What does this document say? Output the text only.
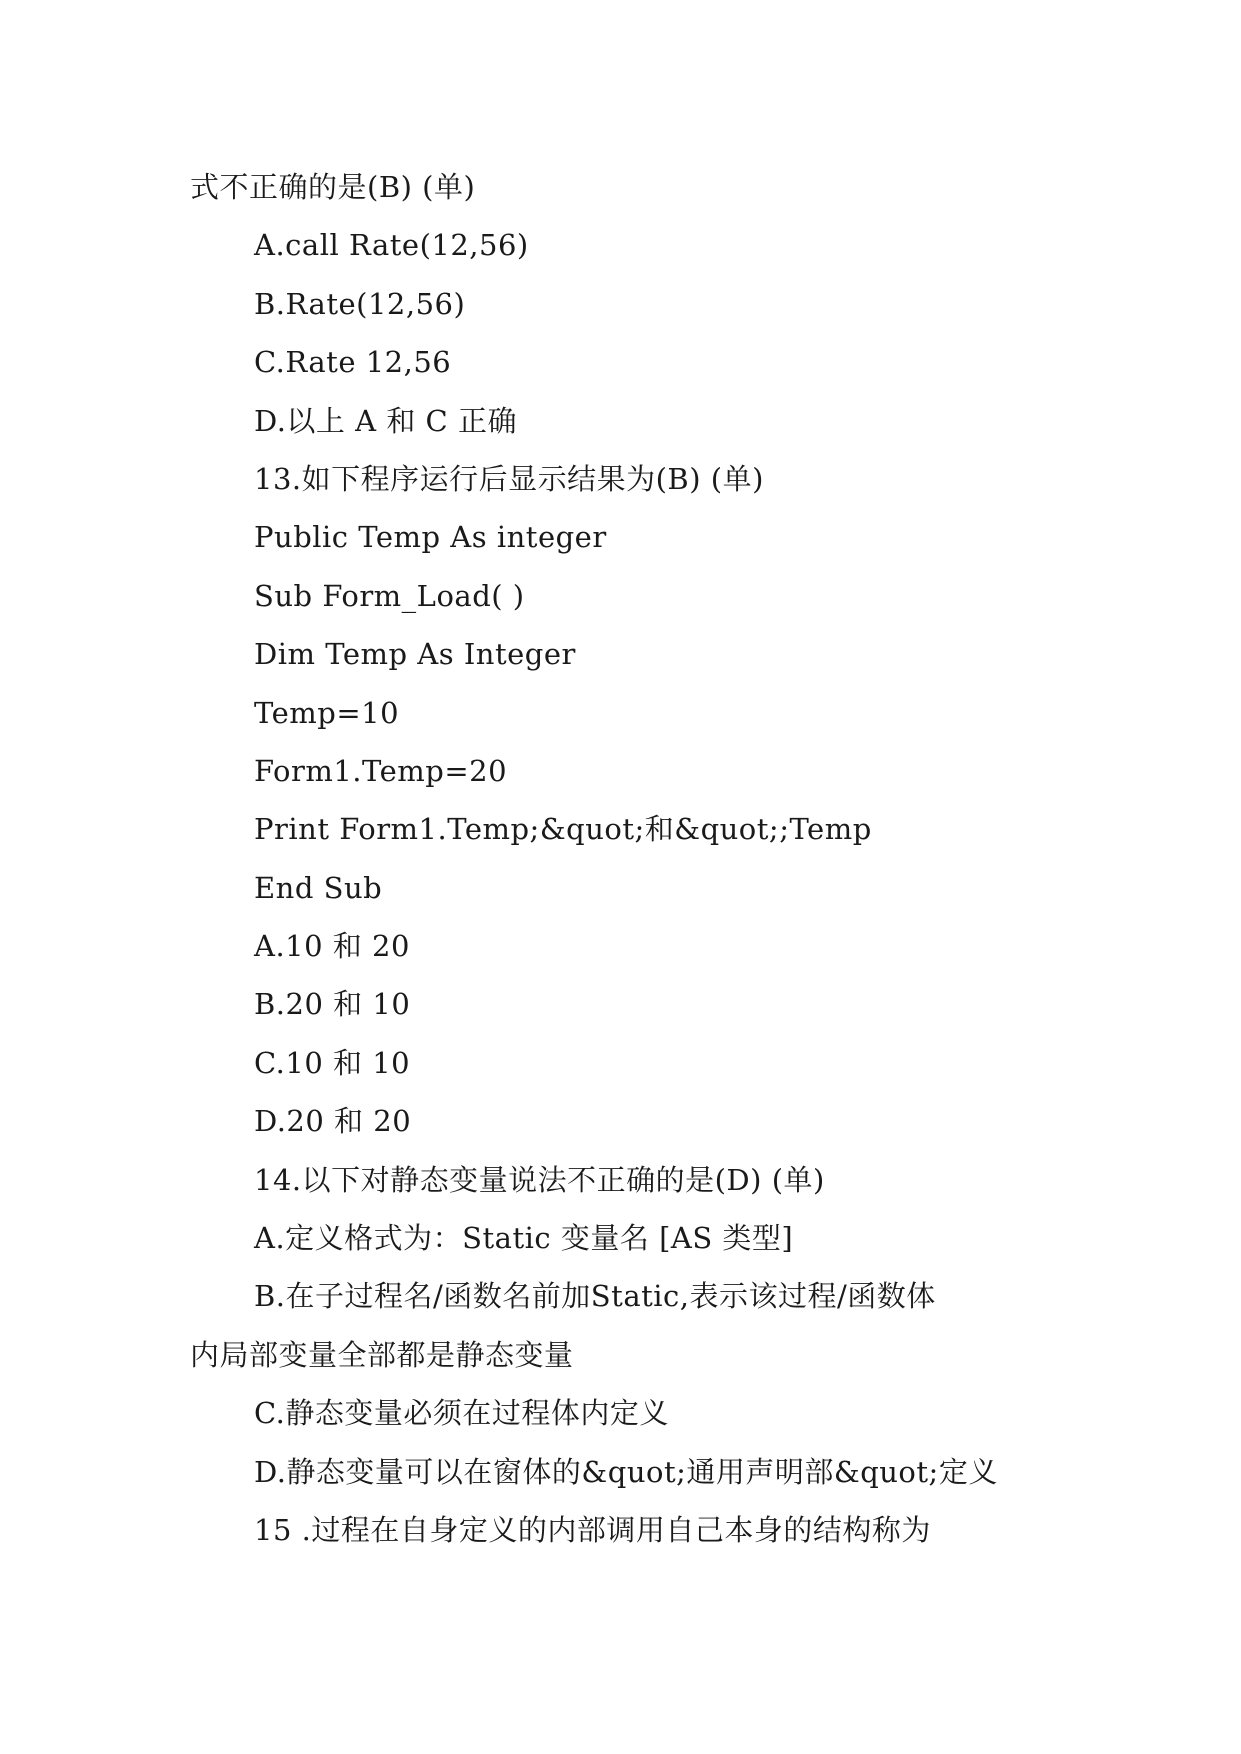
式不正确的是(B) (单)
A.call Rate(12,56)
B.Rate(12,56)
C.Rate 12,56
D.以上 A 和 C 正确
13.如下程序运行后显示结果为(B) (单)
Public Temp As integer
Sub Form_Load( )
Dim Temp As Integer
Temp=10
Form1.Temp=20
Print Form1.Temp;&quot;和&quot;;Temp
End Sub
A.10 和 20
B.20 和 10
C.10 和 10
D.20 和 20
14.以下对静态变量说法不正确的是(D) (单)
A.定义格式为：Static 变量名 [AS 类型]
B.在子过程名/函数名前加Static,表示该过程/函数体
内局部变量全部都是静态变量
C.静态变量必须在过程体内定义
D.静态变量可以在窗体的&quot;通用声明部&quot;定义
15 .过程在自身定义的内部调用自己本身的结构称为
